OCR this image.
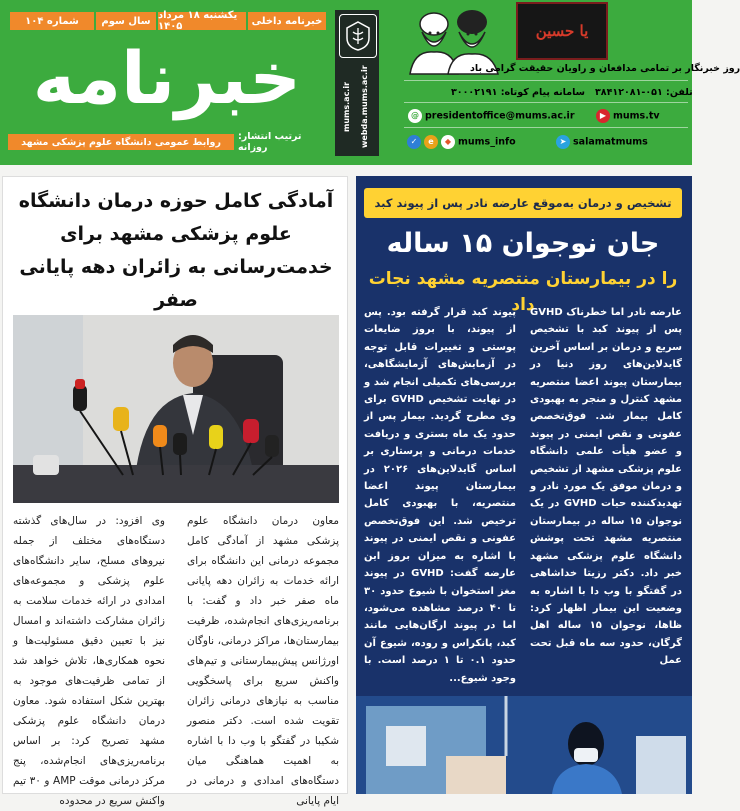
یا حسین
روز خبرنگار بر تمامی مدافعان و راویان حقیقت گرامی باد
تلفن: ۰۵۱-۳۸۴۱۲۰۸۱
سامانه پیام کوتاه: ۳۰۰۰۲۱۹۱
@ presidentoffice@mums.ac.ir	▶ mums.tv
✓ e ◆ mums_info	➤ salamatmums
mums.ac.ir	webda.mums.ac.ir
خبرنامه داخلی
یکشنبه ۱۸ مرداد ۱۴۰۵
سال سوم
شماره ۱۰۴
خبرنامه
ترتیب انتشار: روزانه
روابط عمومی دانشگاه علوم پزشکی مشهد
آمادگی کامل حوزه درمان دانشگاه علوم پزشکی مشهد برای خدمت‌رسانی به زائران دهه پایانی صفر
معاون درمان دانشگاه علوم پزشکی مشهد از آمادگی کامل مجموعه درمانی این دانشگاه برای ارائه خدمات به زائران دهه پایانی ماه صفر خبر داد و گفت: با برنامه‌ریزی‌های انجام‌شده، ظرفیت بیمارستان‌ها، مراکز درمانی، ناوگان اورژانس پیش‌بیمارستانی و تیم‌های واکنش سریع برای پاسخگویی مناسب به نیازهای درمانی زائران تقویت شده است. دکتر منصور شکیبا در گفتگو با وب دا با اشاره به اهمیت هماهنگی میان دستگاه‌های امدادی و درمانی در ایام پایانی
وی افزود: در سال‌های گذشته دستگاه‌های مختلف از جمله نیروهای مسلح، سایر دانشگاه‌های علوم پزشکی و مجموعه‌های امدادی در ارائه خدمات سلامت به زائران مشارکت داشته‌اند و امسال نیز با تعیین دقیق مسئولیت‌ها و نحوه همکاری‌ها، تلاش خواهد شد از تمامی ظرفیت‌های موجود به بهترین شکل استفاده شود. معاون درمان دانشگاه علوم پزشکی مشهد تصریح کرد: بر اساس برنامه‌ریزی‌های انجام‌شده، پنج مرکز درمانی موقت AMP و ۳۰ تیم واکنش سریع در محدوده
تشخیص و درمان به‌موقع عارضه نادر پس از پیوند کبد
جان نوجوان ۱۵ ساله
را در بیمارستان منتصریه مشهد نجات داد
عارضه نادر اما خطرناک GVHD پس از پیوند کبد با تشخیص سریع و درمان بر اساس آخرین گایدلاین‌های روز دنیا در بیمارستان پیوند اعضا منتصریه مشهد کنترل و منجر به بهبودی کامل بیمار شد. فوق‌تخصص عفونی و نقص ایمنی در پیوند و عضو هیأت علمی دانشگاه علوم پزشکی مشهد از تشخیص و درمان موفق یک مورد نادر و تهدیدکننده حیات GVHD در یک نوجوان ۱۵ ساله در بیمارستان منتصریه مشهد تحت پوشش دانشگاه علوم پزشکی مشهد خبر داد. دکتر رزیتا خداشاهی در گفتگو با وب دا با اشاره به وضعیت این بیمار اظهار کرد: ظاها، نوجوان ۱۵ ساله اهل گرگان، حدود سه ماه قبل تحت عمل
پیوند کبد قرار گرفته بود. پس از پیوند، با بروز ضایعات پوستی و تغییرات قابل توجه در آزمایش‌های آزمایشگاهی، بررسی‌های تکمیلی انجام شد و در نهایت تشخیص GVHD برای وی مطرح گردید. بیمار پس از حدود یک ماه بستری و دریافت خدمات درمانی و پرستاری بر اساس گایدلاین‌های ۲۰۲۶ در بیمارستان پیوند اعضا منتصریه، با بهبودی کامل ترخیص شد. این فوق‌تخصص عفونی و نقص ایمنی در پیوند با اشاره به میزان بروز این عارضه گفت: GVHD در پیوند مغز استخوان با شیوع حدود ۳۰ تا ۴۰ درصد مشاهده می‌شود، اما در پیوند ارگان‌هایی مانند کبد، پانکراس و روده، شیوع آن حدود ۰.۱ تا ۱ درصد است. با وجود شیوع...
